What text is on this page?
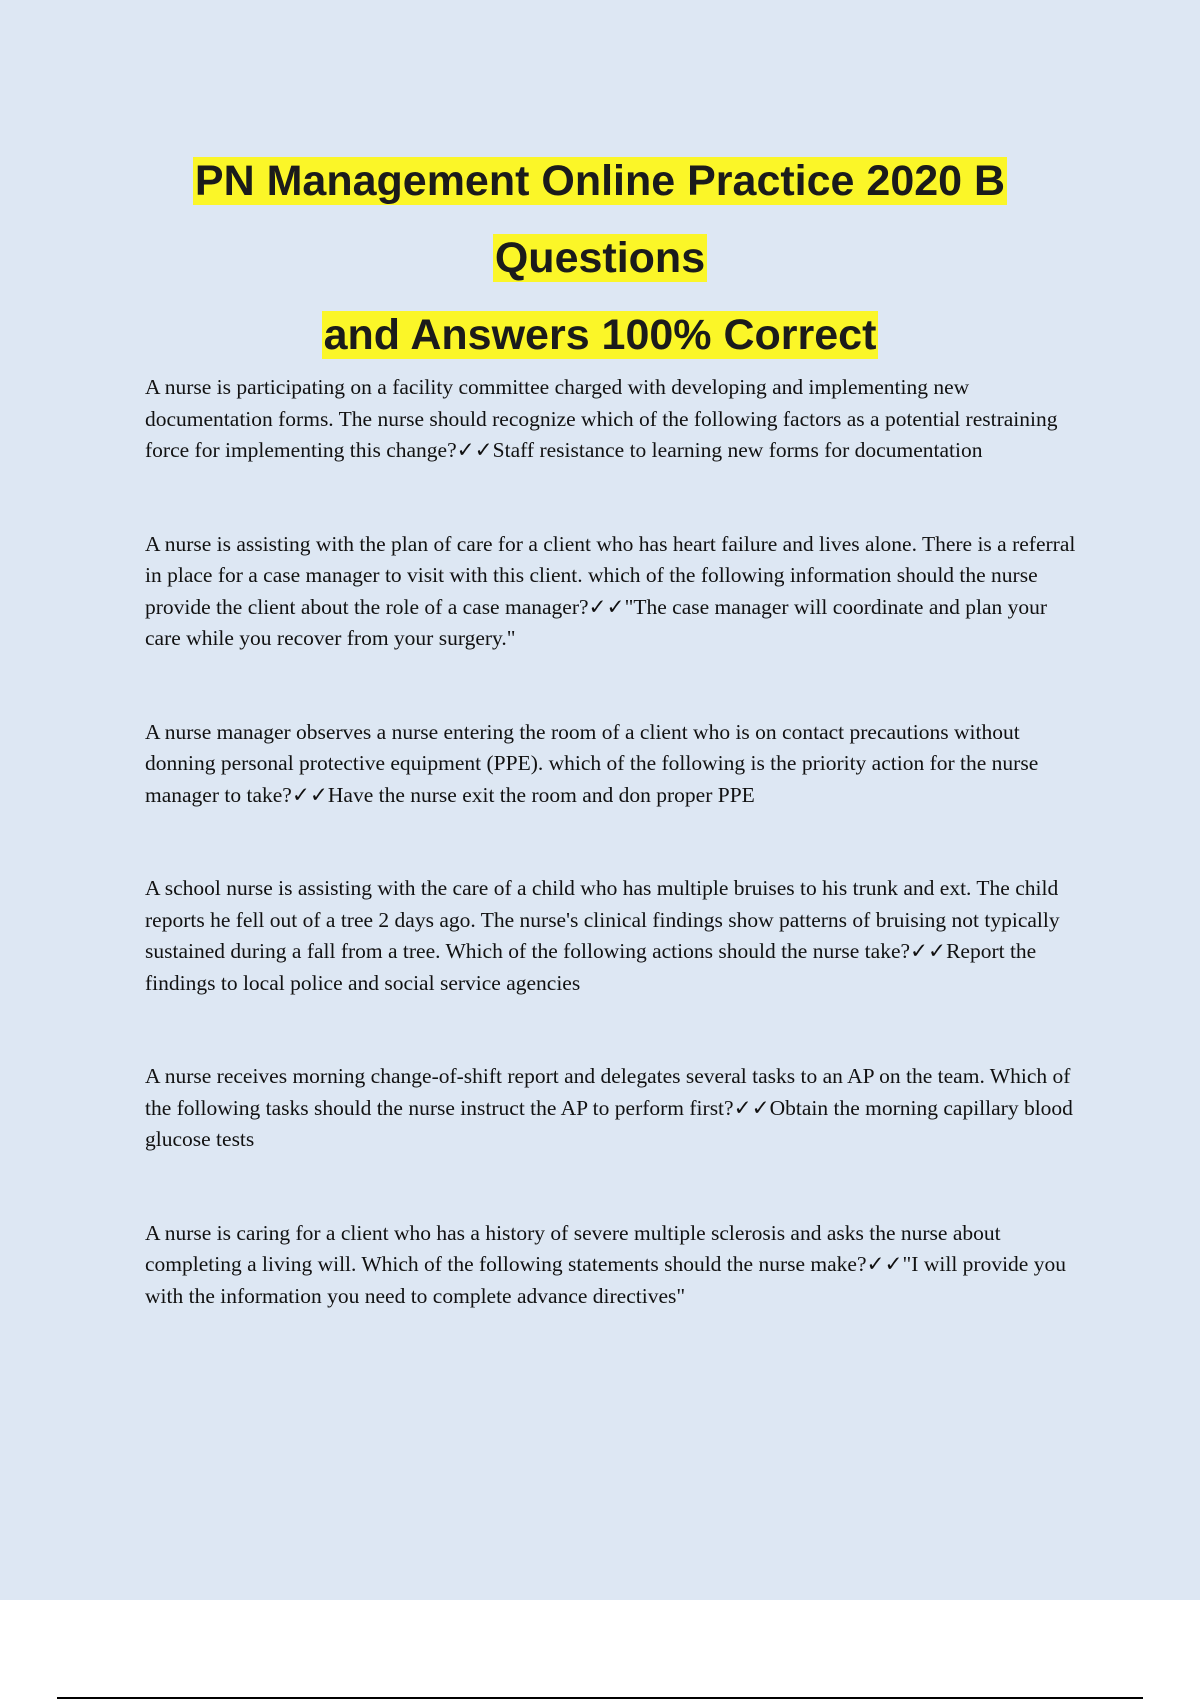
PN Management Online Practice 2020 B
Questions
and Answers 100% Correct
A nurse is participating on a facility committee charged with developing and implementing new documentation forms. The nurse should recognize which of the following factors as a potential restraining force for implementing this change?✓✓Staff resistance to learning new forms for documentation
A nurse is assisting with the plan of care for a client who has heart failure and lives alone. There is a referral in place for a case manager to visit with this client. which of the following information should the nurse provide the client about the role of a case manager?✓✓"The case manager will coordinate and plan your care while you recover from your surgery."
A nurse manager observes a nurse entering the room of a client who is on contact precautions without donning personal protective equipment (PPE). which of the following is the priority action for the nurse manager to take?✓✓Have the nurse exit the room and don proper PPE
A school nurse is assisting with the care of a child who has multiple bruises to his trunk and ext. The child reports he fell out of a tree 2 days ago. The nurse's clinical findings show patterns of bruising not typically sustained during a fall from a tree. Which of the following actions should the nurse take?✓✓Report the findings to local police and social service agencies
A nurse receives morning change-of-shift report and delegates several tasks to an AP on the team. Which of the following tasks should the nurse instruct the AP to perform first?✓✓Obtain the morning capillary blood glucose tests
A nurse is caring for a client who has a history of severe multiple sclerosis and asks the nurse about completing a living will. Which of the following statements should the nurse make?✓✓"I will provide you with the information you need to complete advance directives"
